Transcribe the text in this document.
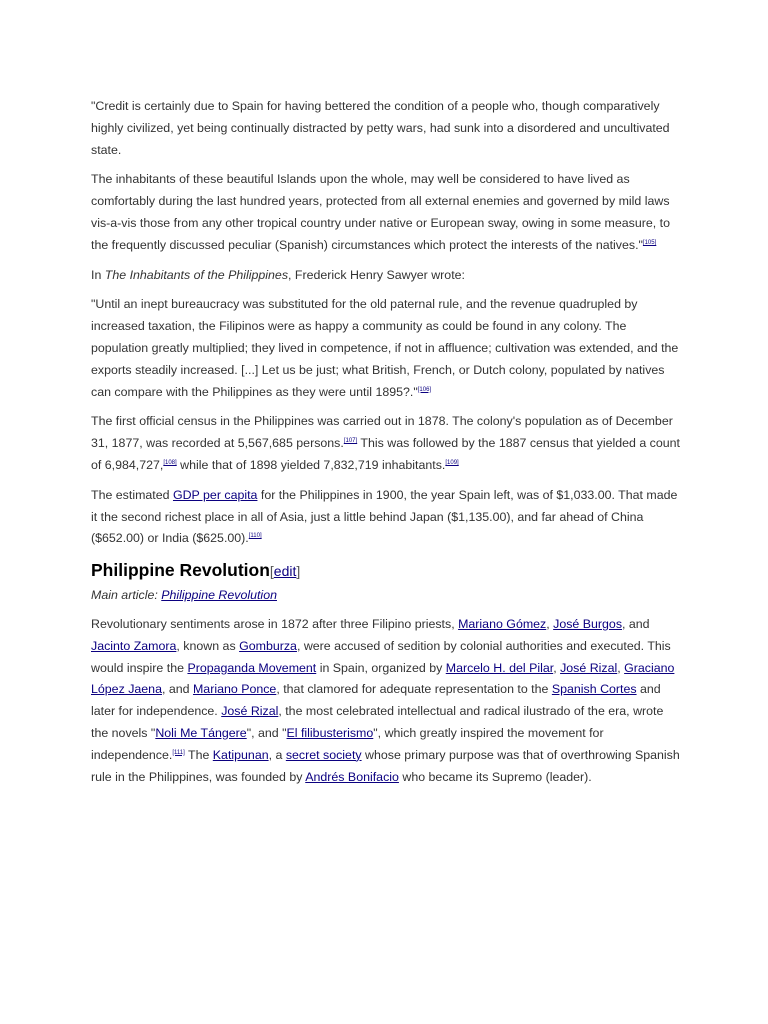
"Credit is certainly due to Spain for having bettered the condition of a people who, though comparatively highly civilized, yet being continually distracted by petty wars, had sunk into a disordered and uncultivated state.

The inhabitants of these beautiful Islands upon the whole, may well be considered to have lived as comfortably during the last hundred years, protected from all external enemies and governed by mild laws vis-a-vis those from any other tropical country under native or European sway, owing in some measure, to the frequently discussed peculiar (Spanish) circumstances which protect the interests of the natives."[105]

In The Inhabitants of the Philippines, Frederick Henry Sawyer wrote:

"Until an inept bureaucracy was substituted for the old paternal rule, and the revenue quadrupled by increased taxation, the Filipinos were as happy a community as could be found in any colony. The population greatly multiplied; they lived in competence, if not in affluence; cultivation was extended, and the exports steadily increased. [...] Let us be just; what British, French, or Dutch colony, populated by natives can compare with the Philippines as they were until 1895?."[106]

The first official census in the Philippines was carried out in 1878. The colony's population as of December 31, 1877, was recorded at 5,567,685 persons.[107] This was followed by the 1887 census that yielded a count of 6,984,727,[108] while that of 1898 yielded 7,832,719 inhabitants.[109]

The estimated GDP per capita for the Philippines in 1900, the year Spain left, was of $1,033.00. That made it the second richest place in all of Asia, just a little behind Japan ($1,135.00), and far ahead of China ($652.00) or India ($625.00).[110]

Philippine Revolution[edit]
Main article: Philippine Revolution

Revolutionary sentiments arose in 1872 after three Filipino priests, Mariano Gómez, José Burgos, and Jacinto Zamora, known as Gomburza, were accused of sedition by colonial authorities and executed. This would inspire the Propaganda Movement in Spain, organized by Marcelo H. del Pilar, José Rizal, Graciano López Jaena, and Mariano Ponce, that clamored for adequate representation to the Spanish Cortes and later for independence. José Rizal, the most celebrated intellectual and radical ilustrado of the era, wrote the novels "Noli Me Tángere", and "El filibusterismo", which greatly inspired the movement for independence.[111] The Katipunan, a secret society whose primary purpose was that of overthrowing Spanish rule in the Philippines, was founded by Andrés Bonifacio who became its Supremo (leader).
